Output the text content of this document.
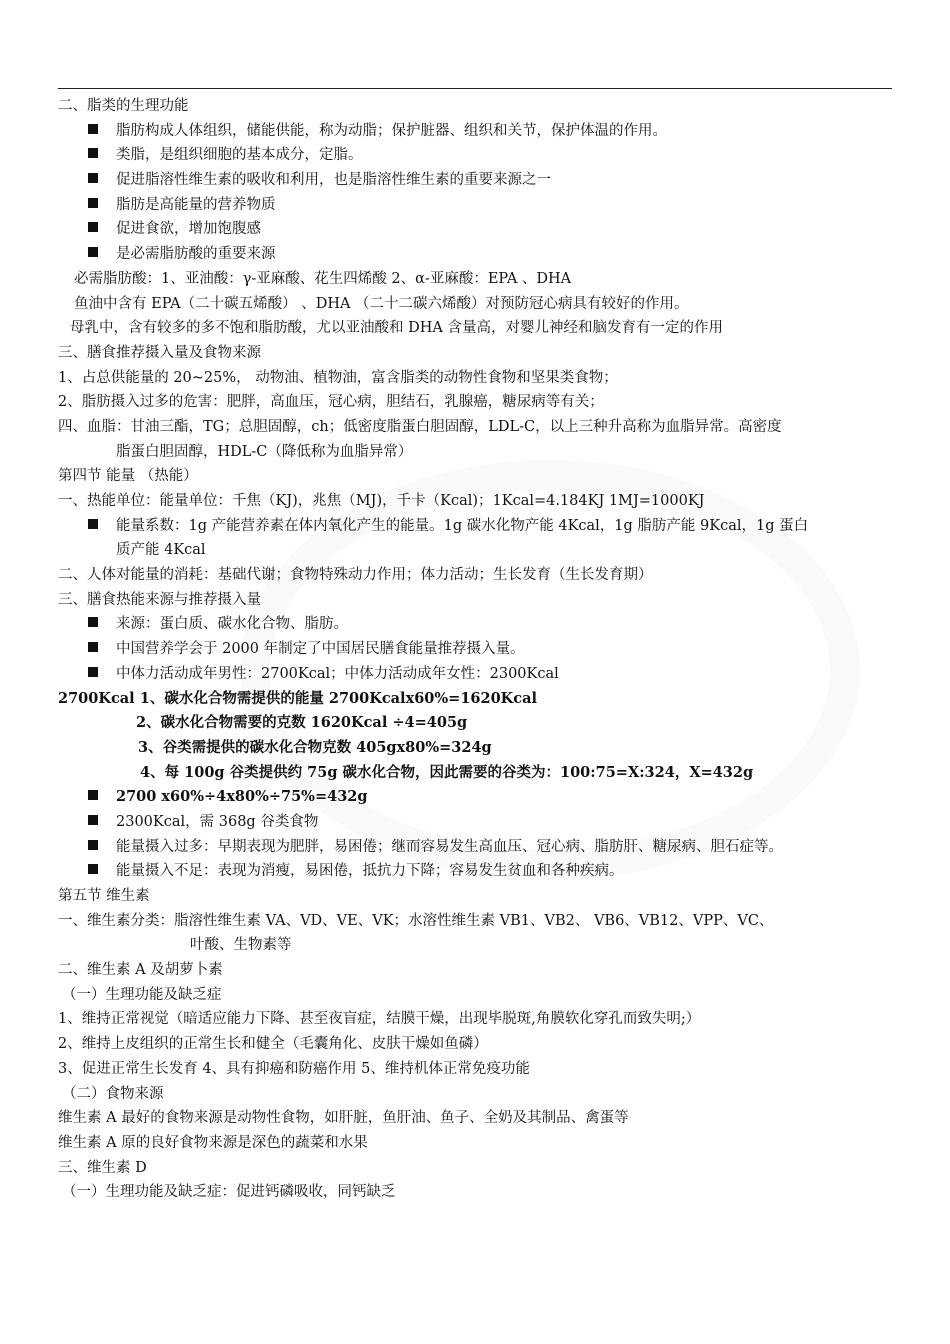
二、脂类的生理功能
脂肪构成人体组织，储能供能，称为动脂；保护脏器、组织和关节，保护体温的作用。
类脂，是组织细胞的基本成分，定脂。
促进脂溶性维生素的吸收和利用，也是脂溶性维生素的重要来源之一
脂肪是高能量的营养物质
促进食欲，增加饱腹感
是必需脂肪酸的重要来源
必需脂肪酸：1、亚油酸：γ-亚麻酸、花生四烯酸 2、α-亚麻酸：EPA 、DHA
鱼油中含有 EPA（二十碳五烯酸） 、DHA （二十二碳六烯酸）对预防冠心病具有较好的作用。
母乳中，含有较多的多不饱和脂肪酸，尤以亚油酸和 DHA 含量高，对婴儿神经和脑发育有一定的作用
三、膳食推荐摄入量及食物来源
1、占总供能量的 20~25%， 动物油、植物油，富含脂类的动物性食物和坚果类食物；
2、脂肪摄入过多的危害：肥胖，高血压，冠心病，胆结石，乳腺癌，糖尿病等有关；
四、血脂：甘油三酯，TG；总胆固醇，ch；低密度脂蛋白胆固醇，LDL-C，以上三种升高称为血脂异常。高密度
脂蛋白胆固醇，HDL-C（降低称为血脂异常）
第四节 能量 （热能）
一、热能单位：能量单位：千焦（KJ)，兆焦（MJ)，千卡（Kcal)；1Kcal=4.184KJ 1MJ=1000KJ
能量系数：1g 产能营养素在体内氧化产生的能量。1g 碳水化物产能 4Kcal，1g 脂肪产能 9Kcal，1g 蛋白
质产能 4Kcal
二、人体对能量的消耗：基础代谢；食物特殊动力作用；体力活动；生长发育（生长发育期）
三、膳食热能来源与推荐摄入量
来源：蛋白质、碳水化合物、脂肪。
中国营养学会于 2000 年制定了中国居民膳食能量推荐摄入量。
中体力活动成年男性：2700Kcal；中体力活动成年女性：2300Kcal
2700Kcal 1、碳水化合物需提供的能量 2700Kcalx60%=1620Kcal
2、碳水化合物需要的克数 1620Kcal ÷4=405g
3、谷类需提供的碳水化合物克数 405gx80%=324g
4、每 100g 谷类提供约 75g 碳水化合物，因此需要的谷类为：100:75=X:324，X=432g
2700 x60%÷4x80%÷75%=432g
2300Kcal，需 368g 谷类食物
能量摄入过多：早期表现为肥胖，易困倦；继而容易发生高血压、冠心病、脂肪肝、糖尿病、胆石症等。
能量摄入不足：表现为消瘦，易困倦，抵抗力下降；容易发生贫血和各种疾病。
第五节 维生素
一、维生素分类：脂溶性维生素 VA、VD、VE、VK；水溶性维生素 VB1、VB2、 VB6、VB12、VPP、VC、
叶酸、生物素等
二、维生素 A 及胡萝卜素
（一）生理功能及缺乏症
1、维持正常视觉（暗适应能力下降、甚至夜盲症，结膜干燥，出现毕脱斑,角膜软化穿孔而致失明;）
2、维持上皮组织的正常生长和健全（毛囊角化、皮肤干燥如鱼磷）
3、促进正常生长发育 4、具有抑癌和防癌作用 5、维持机体正常免疫功能
（二）食物来源
维生素 A 最好的食物来源是动物性食物，如肝脏，鱼肝油、鱼子、全奶及其制品、禽蛋等
维生素 A 原的良好食物来源是深色的蔬菜和水果
三、维生素 D
（一）生理功能及缺乏症：促进钙磷吸收，同钙缺乏
